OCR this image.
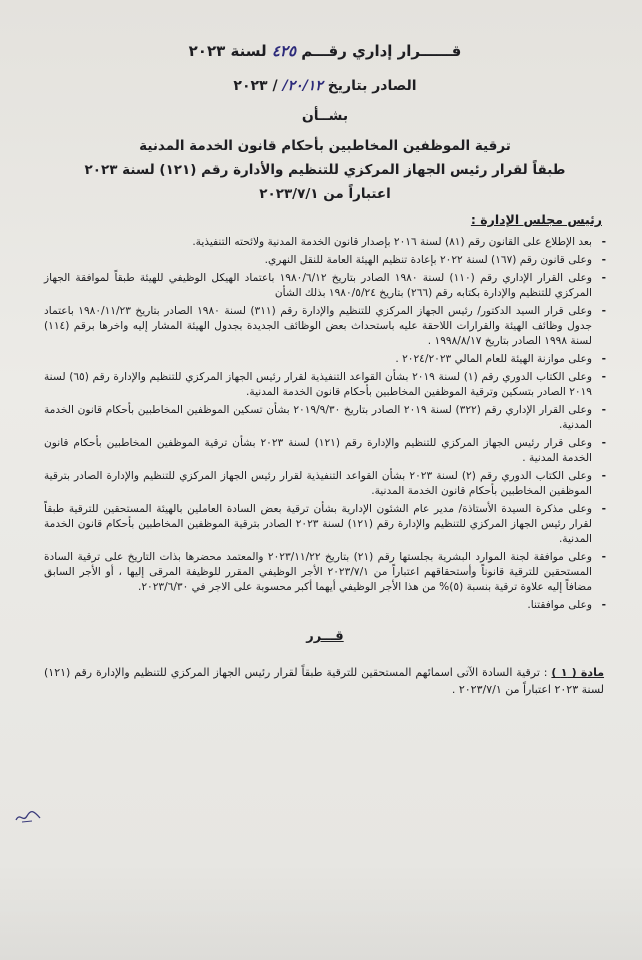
قــــــرار إداري رقـــم ٤٢٥ لسنة ٢٠٢٣
الصادر بتاريخ ٢٠/١٢/ / ٢٠٢٣
بشــأن
ترقية الموظفين المخاطبين بأحكام قانون الخدمة المدنية
طبقاً لقرار رئيس الجهاز المركزي للتنظيم والأدارة رقم (١٢١) لسنة ٢٠٢٣
اعتباراً من ٢٠٢٣/٧/١
رئيس مجلس الإدارة :
- بعد الإطلاع على القانون رقم (٨١) لسنة ٢٠١٦ بإصدار قانون الخدمة المدنية ولائحته التنفيذية.
- وعلى قانون رقم (١٦٧) لسنة ٢٠٢٢ بإعادة تنظيم الهيئة العامة للنقل النهري.
- وعلى القرار الإداري رقم (١١٠) لسنة ١٩٨٠ الصادر بتاريخ ١٩٨٠/٦/١٢ باعتماد الهيكل الوظيفي للهيئة طبقاً لموافقة الجهاز المركزي للتنظيم والإدارة بكتابه رقم (٢٦٦) بتاريخ ١٩٨٠/٥/٢٤ بذلك الشأن
- وعلى قرار السيد الدكتور/ رئيس الجهاز المركزي للتنظيم والإدارة رقم (٣١١) لسنة ١٩٨٠ الصادر بتاريخ ١٩٨٠/١١/٢٣ باعتماد جدول وظائف الهيئة والقرارات اللاحقة عليه باستحداث بعض الوظائف الجديدة بجدول الهيئة المشار إليه واخرها برقم (١١٤) لسنة ١٩٩٨ الصادر بتاريخ ١٩٩٨/٨/١٧ .
- وعلى موازنة الهيئة للعام المالي ٢٠٢٤/٢٠٢٣ .
- وعلى الكتاب الدوري رقم (١) لسنة ٢٠١٩ بشأن القواعد التنفيذية لقرار رئيس الجهاز المركزي للتنظيم والإدارة رقم (٦٥) لسنة ٢٠١٩ الصادر بتسكين وترقية الموظفين المخاطبين بأحكام قانون الخدمة المدنية.
- وعلى القرار الإداري رقم (٣٢٢) لسنة ٢٠١٩ الصادر بتاريخ ٢٠١٩/٩/٣٠ بشأن تسكين الموظفين المخاطبين بأحكام قانون الخدمة المدنية.
- وعلى قرار رئيس الجهاز المركزي للتنظيم والإدارة رقم (١٢١) لسنة ٢٠٢٣ بشأن ترقية الموظفين المخاطبين بأحكام قانون الخدمة المدنية .
- وعلى الكتاب الدوري رقم (٢) لسنة ٢٠٢٣ بشأن القواعد التنفيذية لقرار رئيس الجهاز المركزي للتنظيم والإدارة الصادر بترقية الموظفين المخاطبين بأحكام قانون الخدمة المدنية.
- وعلى مذكرة السيدة الأستاذة/ مدير عام الشئون الإدارية بشأن ترقية بعض السادة العاملين بالهيئة المستحقين للترقية طبقاً لقرار رئيس الجهاز المركزي للتنظيم والإدارة رقم (١٢١) لسنة ٢٠٢٣ الصادر بترقية الموظفين المخاطبين بأحكام قانون الخدمة المدنية.
- وعلى موافقة لجنة الموارد البشرية بجلستها رقم (٢١) بتاريخ ٢٠٢٣/١١/٢٢ والمعتمد محضرها بذات التاريخ على ترقية السادة المستحقين للترقية قانوناً وأستحقاقهم اعتباراً من ٢٠٢٣/٧/١ الأجر الوظيفي المقرر للوظيفة المرقى إليها ، أو الأجر السابق مضافاً إليه علاوة ترقية بنسبة (٥)% من هذا الأجر الوظيفي أيهما أكبر محسوبة على الاجر في ٢٠٢٣/٦/٣٠.
- وعلى موافقتنا.
قـــرر
مادة ( ١ ) : ترقية السادة الآتى اسمائهم المستحقين للترقية طبقاً لقرار رئيس الجهاز المركزي للتنظيم والإدارة رقم (١٢١) لسنة ٢٠٢٣ اعتباراً من ٢٠٢٣/٧/١ .
